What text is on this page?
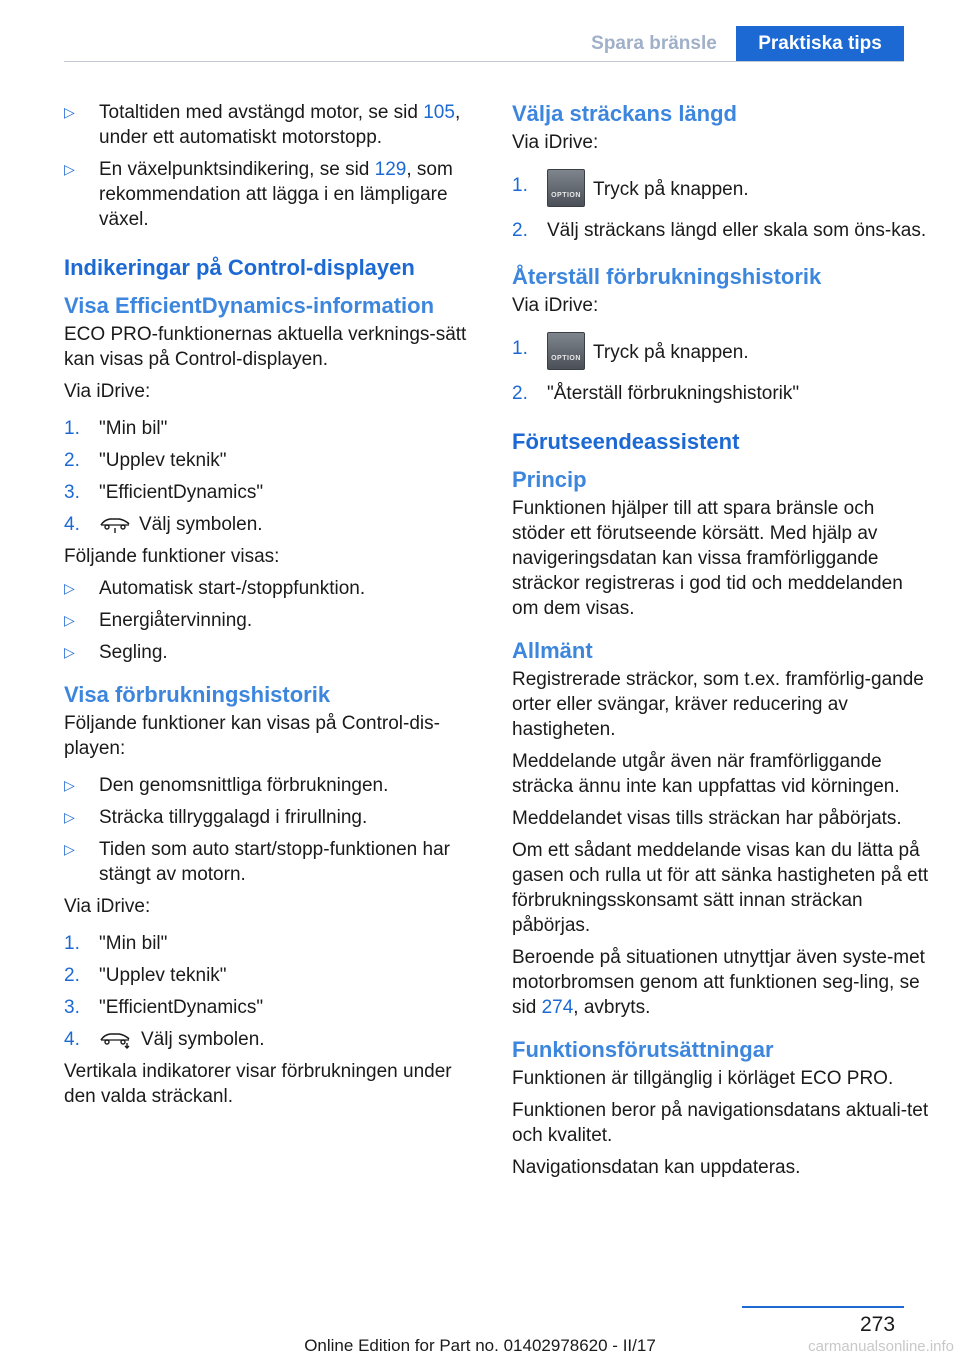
Spara bränsle	Praktiska tips
▷ Totaltiden med avstängd motor, se sid 105, under ett automatiskt motorstopp.
▷ En växelpunktsindikering, se sid 129, som rekommendation att lägga i en lämpligare växel.
Indikeringar på Control-displayen
Visa EfficientDynamics-information
ECO PRO-funktionernas aktuella verknings-sätt kan visas på Control-displayen.
Via iDrive:
1. "Min bil"
2. "Upplev teknik"
3. "EfficientDynamics"
4.	Välj symbolen.
Följande funktioner visas:
▷ Automatisk start-/stoppfunktion.
▷ Energiåtervinning.
▷ Segling.
Visa förbrukningshistorik
Följande funktioner kan visas på Control-dis-playen:
▷ Den genomsnittliga förbrukningen.
▷ Sträcka tillryggalagd i frirullning.
▷ Tiden som auto start/stopp-funktionen har stängt av motorn.
Via iDrive:
1. "Min bil"
2. "Upplev teknik"
3. "EfficientDynamics"
4.	Välj symbolen.
Vertikala indikatorer visar förbrukningen under den valda sträckanl.
Välja sträckans längd
Via iDrive:
1.	OPTION Tryck på knappen.
2. Välj sträckans längd eller skala som öns-kas.
Återställ förbrukningshistorik
Via iDrive:
1.	OPTION Tryck på knappen.
2. "Återställ förbrukningshistorik"
Förutseendeassistent
Princip
Funktionen hjälper till att spara bränsle och stöder ett förutseende körsätt. Med hjälp av navigeringsdatan kan vissa framförliggande sträckor registreras i god tid och meddelanden om dem visas.
Allmänt
Registrerade sträckor, som t.ex. framförlig-gande orter eller svängar, kräver reducering av hastigheten.
Meddelande utgår även när framförliggande sträcka ännu inte kan uppfattas vid körningen.
Meddelandet visas tills sträckan har påbörjats.
Om ett sådant meddelande visas kan du lätta på gasen och rulla ut för att sänka hastigheten på ett förbrukningsskonsamt sätt innan sträckan påbörjas.
Beroende på situationen utnyttjar även syste-met motorbromsen genom att funktionen seg-ling, se sid 274, avbryts.
Funktionsförutsättningar
Funktionen är tillgänglig i körläget ECO PRO.
Funktionen beror på navigationsdatans aktuali-tet och kvalitet.
Navigationsdatan kan uppdateras.
273
Online Edition for Part no. 01402978620 - II/17	carmanualsonline.info
